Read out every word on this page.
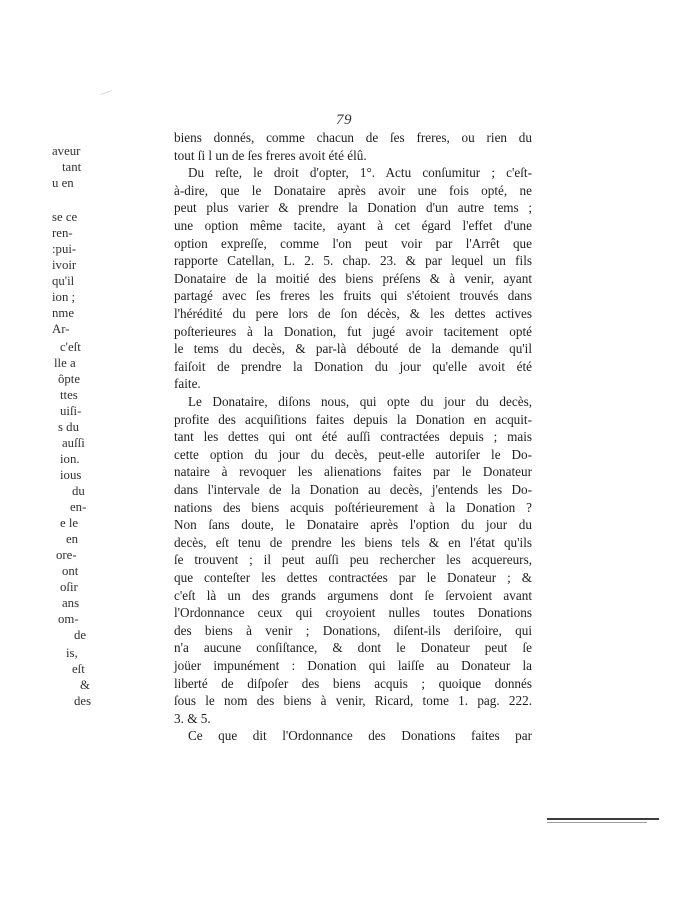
79
aveur
tant
u en
se ce
ren-
:pui-
ivoir
qu'il
ion ;
nme
Ar-
c'eſt
lle a
ôpte
ttes
uiſi-
s du
auſſi
ion.
ious
du
en-
e le
en
ore-
ont
oſir
ans
om-
de
is,
eſt
&
des
biens donnés, comme chacun de ſes freres, ou rien du
tout ſi l un de ſes freres avoit été élû.
Du reſte, le droit d'opter, 1°. Actu conſumitur ; c'eſt-
à-dire, que le Donataire après avoir une fois opté, ne
peut plus varier & prendre la Donation d'un autre tems ;
une option même tacite, ayant à cet égard l'effet d'une
option expreſſe, comme l'on peut voir par l'Arrêt que
rapporte Catellan, L. 2. 5. chap. 23. & par lequel un fils
Donataire de la moitié des biens préſens & à venir, ayant
partagé avec ſes freres les fruits qui s'étoient trouvés dans
l'hérédité du pere lors de ſon décès, & les dettes actives
poſterieures à la Donation, fut jugé avoir tacitement opté
le tems du decès, & par-là débouté de la demande qu'il
faiſoit de prendre la Donation du jour qu'elle avoit été
faite.
Le Donataire, diſons nous, qui opte du jour du decès,
profite des acquiſitions faites depuis la Donation en acquit-
tant les dettes qui ont été auſſi contractées depuis ; mais
cette option du jour du decès, peut-elle autoriſer le Do-
nataire à revoquer les alienations faites par le Donateur
dans l'intervale de la Donation au decès, j'entends les Do-
nations des biens acquis poſtérieurement à la Donation ?
Non ſans doute, le Donataire après l'option du jour du
decès, eſt tenu de prendre les biens tels & en l'état qu'ils
ſe trouvent ; il peut auſſi peu rechercher les acquereurs,
que conteſter les dettes contractées par le Donateur ; &
c'eſt là un des grands argumens dont ſe ſervoient avant
l'Ordonnance ceux qui croyoient nulles toutes Donations
des biens à venir ; Donations, diſent-ils deriſoire, qui
n'a aucune conſiſtance, & dont le Donateur peut ſe
joüer impunément : Donation qui laiſſe au Donateur la
liberté de diſpoſer des biens acquis ; quoique donnés
ſous le nom des biens à venir, Ricard, tome 1. pag. 222.
3. & 5.
Ce que dit l'Ordonnance des Donations faites par
